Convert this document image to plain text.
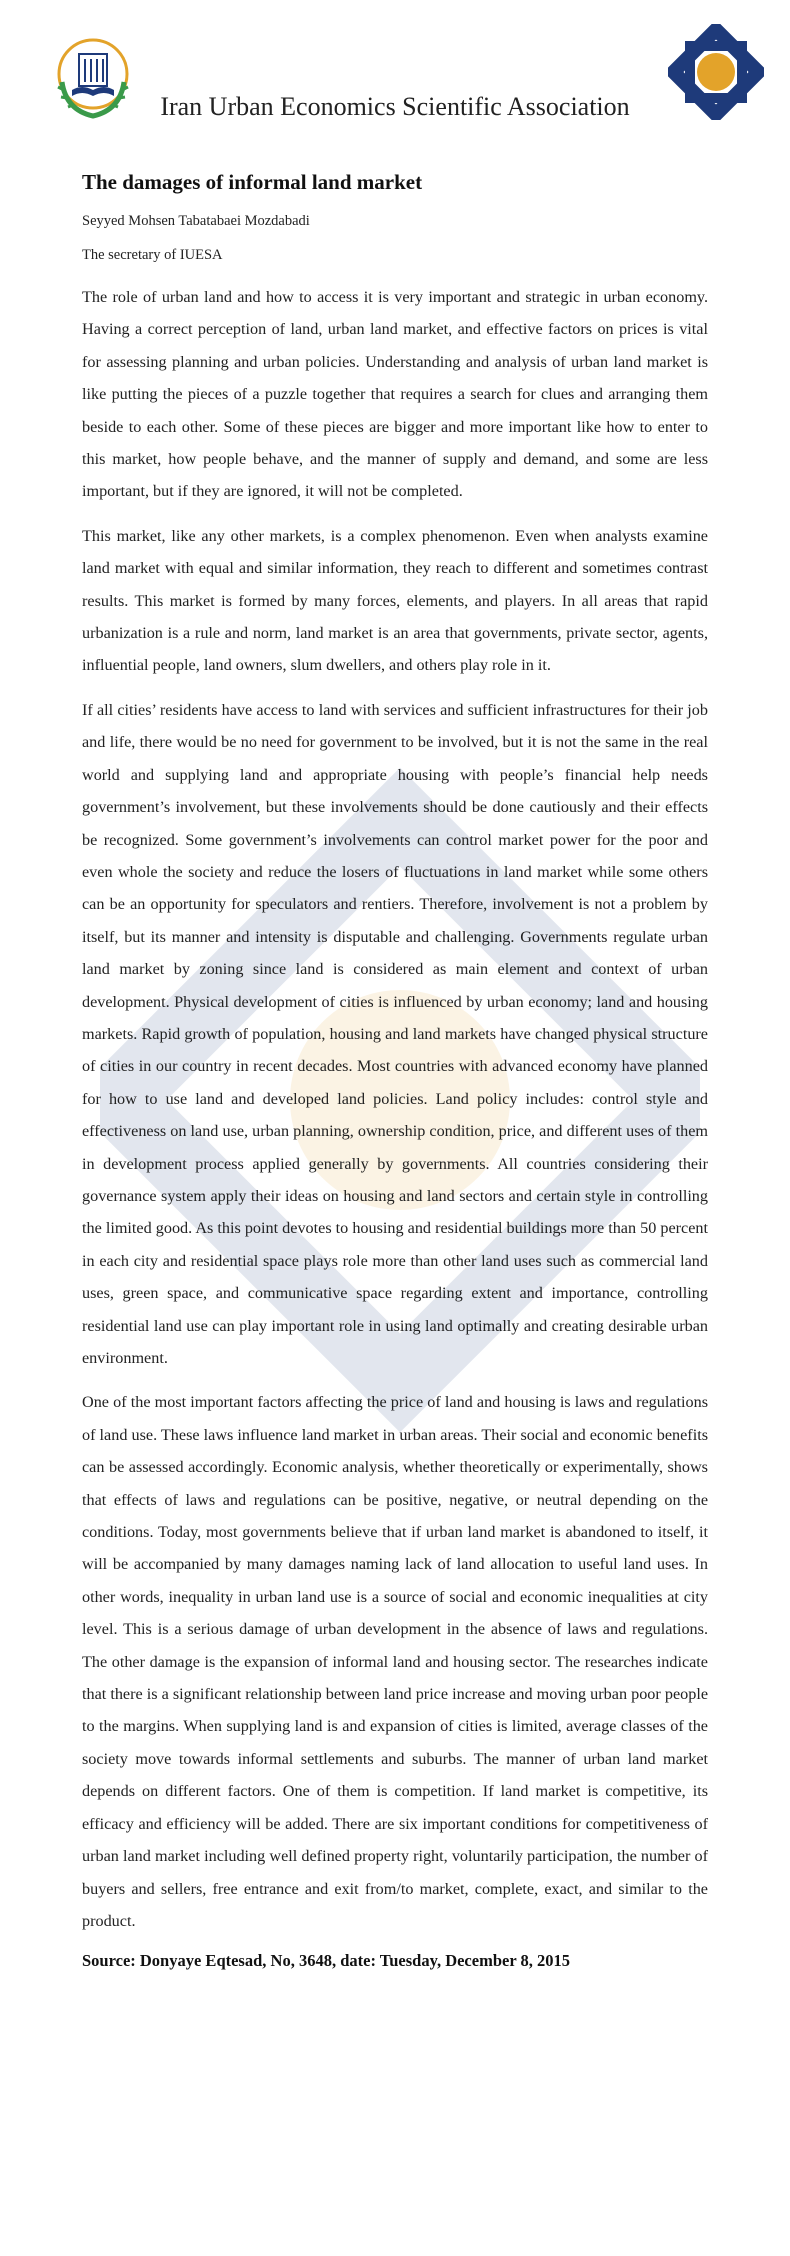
Iran Urban Economics Scientific Association
The damages of informal land market
Seyyed Mohsen Tabatabaei Mozdabadi
The secretary of IUESA

The role of urban land and how to access it is very important and strategic in urban economy. Having a correct perception of land, urban land market, and effective factors on prices is vital for assessing planning and urban policies. Understanding and analysis of urban land market is like putting the pieces of a puzzle together that requires a search for clues and arranging them beside to each other. Some of these pieces are bigger and more important like how to enter to this market, how people behave, and the manner of supply and demand, and some are less important, but if they are ignored, it will not be completed.

This market, like any other markets, is a complex phenomenon. Even when analysts examine land market with equal and similar information, they reach to different and sometimes contrast results. This market is formed by many forces, elements, and players. In all areas that rapid urbanization is a rule and norm, land market is an area that governments, private sector, agents, influential people, land owners, slum dwellers, and others play role in it.

If all cities’ residents have access to land with services and sufficient infrastructures for their job and life, there would be no need for government to be involved, but it is not the same in the real world and supplying land and appropriate housing with people’s financial help needs government’s involvement, but these involvements should be done cautiously and their effects be recognized. Some government’s involvements can control market power for the poor and even whole the society and reduce the losers of fluctuations in land market while some others can be an opportunity for speculators and rentiers. Therefore, involvement is not a problem by itself, but its manner and intensity is disputable and challenging. Governments regulate urban land market by zoning since land is considered as main element and context of urban development. Physical development of cities is influenced by urban economy; land and housing markets. Rapid growth of population, housing and land markets have changed physical structure of cities in our country in recent decades. Most countries with advanced economy have planned for how to use land and developed land policies. Land policy includes: control style and effectiveness on land use, urban planning, ownership condition, price, and different uses of them in development process applied generally by governments. All countries considering their governance system apply their ideas on housing and land sectors and certain style in controlling the limited good. As this point devotes to housing and residential buildings more than 50 percent in each city and residential space plays role more than other land uses such as commercial land uses, green space, and communicative space regarding extent and importance, controlling residential land use can play important role in using land optimally and creating desirable urban environment.

One of the most important factors affecting the price of land and housing is laws and regulations of land use. These laws influence land market in urban areas. Their social and economic benefits can be assessed accordingly. Economic analysis, whether theoretically or experimentally, shows that effects of laws and regulations can be positive, negative, or neutral depending on the conditions. Today, most governments believe that if urban land market is abandoned to itself, it will be accompanied by many damages naming lack of land allocation to useful land uses. In other words, inequality in urban land use is a source of social and economic inequalities at city level. This is a serious damage of urban development in the absence of laws and regulations. The other damage is the expansion of informal land and housing sector. The researches indicate that there is a significant relationship between land price increase and moving urban poor people to the margins. When supplying land is and expansion of cities is limited, average classes of the society move towards informal settlements and suburbs. The manner of urban land market depends on different factors. One of them is competition. If land market is competitive, its efficacy and efficiency will be added. There are six important conditions for competitiveness of urban land market including well defined property right, voluntarily participation, the number of buyers and sellers, free entrance and exit from/to market, complete, exact, and similar to the product.

Source: Donyaye Eqtesad, No, 3648, date: Tuesday, December 8, 2015
